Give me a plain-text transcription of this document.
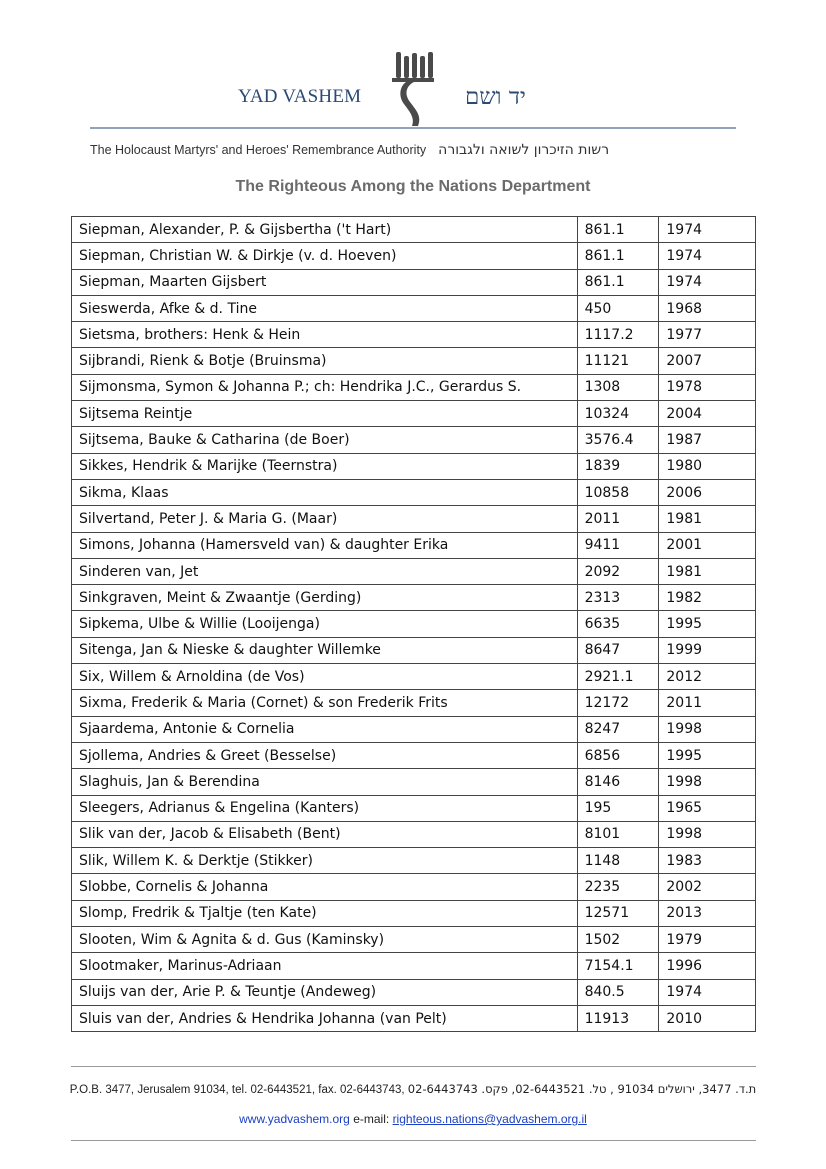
YAD VASHEM	יד ושם
The Holocaust Martyrs' and Heroes' Remembrance Authority רשות הזיכרון לשואה ולגבורה
The Righteous Among the Nations Department
Siepman, Alexander, P. & Gijsbertha ('t Hart)	861.1	1974
Siepman, Christian W. & Dirkje (v. d. Hoeven)	861.1	1974
Siepman, Maarten Gijsbert	861.1	1974
Sieswerda, Afke & d. Tine	450	1968
Sietsma, brothers: Henk & Hein	1117.2	1977
Sijbrandi, Rienk & Botje (Bruinsma)	11121	2007
Sijmonsma, Symon & Johanna P.; ch: Hendrika J.C., Gerardus S.	1308	1978
Sijtsema Reintje	10324	2004
Sijtsema, Bauke & Catharina (de Boer)	3576.4	1987
Sikkes, Hendrik & Marijke (Teernstra)	1839	1980
Sikma, Klaas	10858	2006
Silvertand, Peter J. & Maria G. (Maar)	2011	1981
Simons, Johanna (Hamersveld van) & daughter Erika	9411	2001
Sinderen van, Jet	2092	1981
Sinkgraven, Meint & Zwaantje (Gerding)	2313	1982
Sipkema, Ulbe & Willie (Looijenga)	6635	1995
Sitenga, Jan & Nieske & daughter Willemke	8647	1999
Six, Willem & Arnoldina (de Vos)	2921.1	2012
Sixma, Frederik & Maria (Cornet) & son Frederik Frits	12172	2011
Sjaardema, Antonie & Cornelia	8247	1998
Sjollema, Andries & Greet (Besselse)	6856	1995
Slaghuis, Jan & Berendina	8146	1998
Sleegers, Adrianus & Engelina (Kanters)	195	1965
Slik van der, Jacob & Elisabeth (Bent)	8101	1998
Slik, Willem K. & Derktje (Stikker)	1148	1983
Slobbe, Cornelis & Johanna	2235	2002
Slomp, Fredrik & Tjaltje (ten Kate)	12571	2013
Slooten, Wim & Agnita & d. Gus (Kaminsky)	1502	1979
Slootmaker, Marinus-Adriaan	7154.1	1996
Sluijs van der, Arie P. & Teuntje (Andeweg)	840.5	1974
Sluis van der, Andries & Hendrika Johanna (van Pelt)	11913	2010
P.O.B. 3477, Jerusalem 91034, tel. 02-6443521, fax. 02-6443743, ת.ד. 3477, ירושלים 91034 , טל. 02-6443521, פקס. 02-6443743
www.yadvashem.org e-mail: righteous.nations@yadvashem.org.il
